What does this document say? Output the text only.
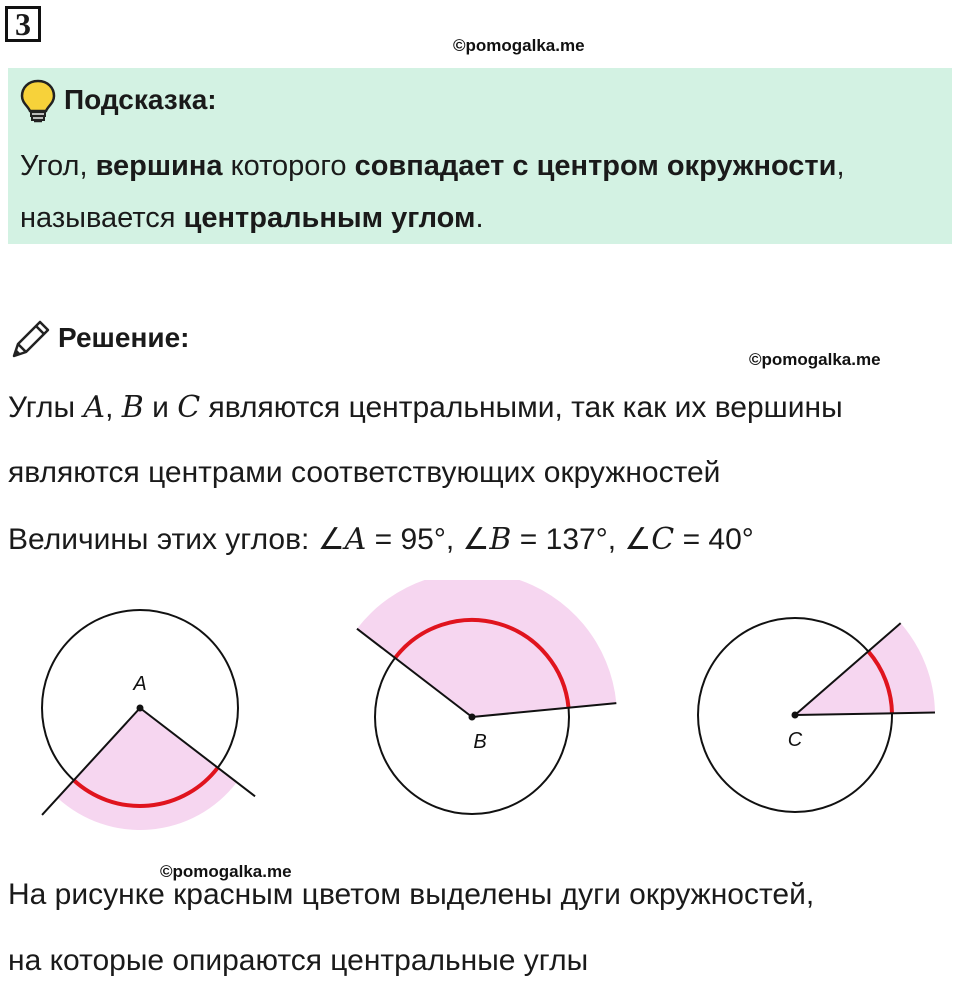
3
©pomogalka.me
Подсказка:
Угол, вершина которого совпадает с центром окружности,
называется центральным углом.
Решение:
©pomogalka.me
Углы A, B и C являются центральными, так как их вершины
являются центрами соответствующих окружностей
Величины этих углов: ∠A = 95°, ∠B = 137°, ∠C = 40°
A
B	C
©pomogalka.me
На рисунке красным цветом выделены дуги окружностей,
на которые опираются центральные углы
